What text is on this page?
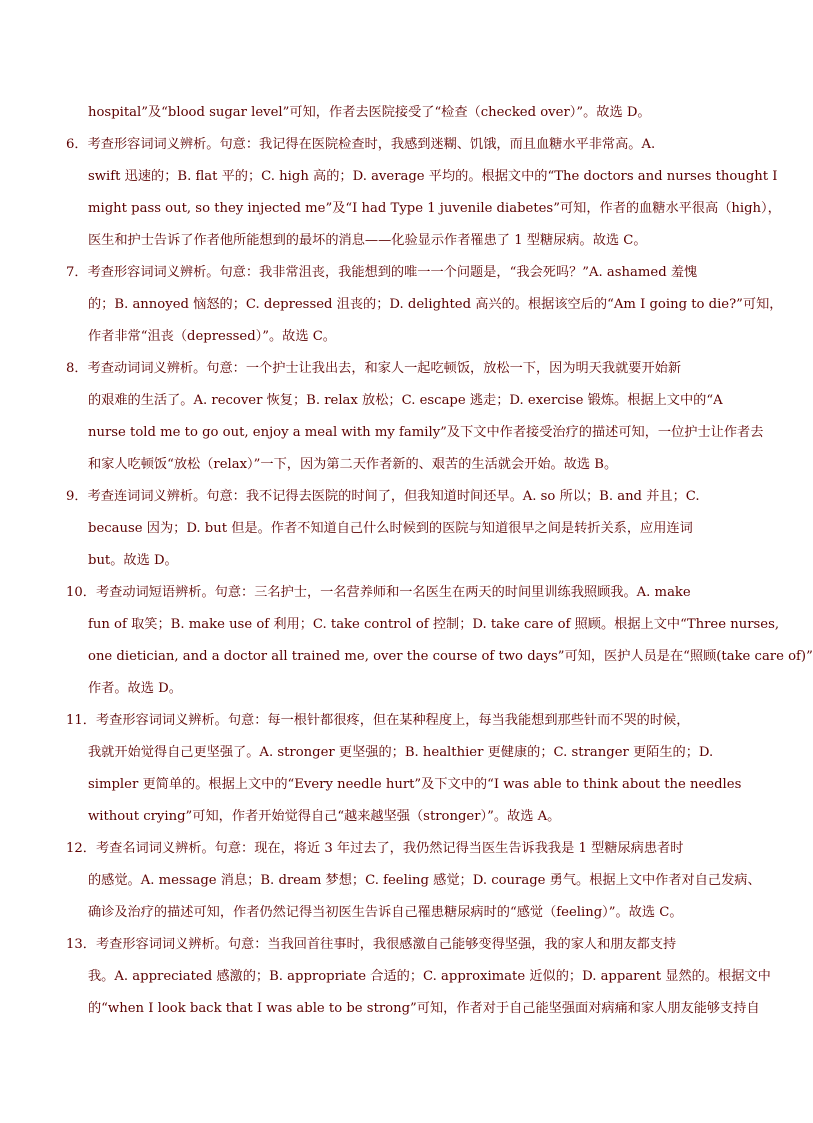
hospital”及“blood sugar level”可知，作者去医院接受了“检查（checked over）”。故选 D。
6．考查形容词词义辨析。句意：我记得在医院检查时，我感到迷糊、饥饿，而且血糖水平非常高。A.
swift 迅速的；B. flat 平的；C. high 高的；D. average 平均的。根据文中的“The doctors and nurses thought I
might pass out, so they injected me”及“I had Type 1 juvenile diabetes”可知，作者的血糖水平很高（high），
医生和护士告诉了作者他所能想到的最坏的消息——化验显示作者罹患了 1 型糖尿病。故选 C。
7．考查形容词词义辨析。句意：我非常沮丧，我能想到的唯一一个问题是，“我会死吗？”A. ashamed 羞愧
的；B. annoyed 恼怒的；C. depressed 沮丧的；D. delighted 高兴的。根据该空后的“Am I going to die?”可知，
作者非常“沮丧（depressed）”。故选 C。
8．考查动词词义辨析。句意：一个护士让我出去，和家人一起吃顿饭，放松一下，因为明天我就要开始新
的艰难的生活了。A. recover 恢复；B. relax 放松；C. escape 逃走；D. exercise 锻炼。根据上文中的“A
nurse told me to go out, enjoy a meal with my family”及下文中作者接受治疗的描述可知，一位护士让作者去
和家人吃顿饭“放松（relax）”一下，因为第二天作者新的、艰苦的生活就会开始。故选 B。
9．考查连词词义辨析。句意：我不记得去医院的时间了，但我知道时间还早。A. so 所以；B. and 并且；C.
because 因为；D. but 但是。作者不知道自己什么时候到的医院与知道很早之间是转折关系，应用连词
but。故选 D。
10．考查动词短语辨析。句意：三名护士，一名营养师和一名医生在两天的时间里训练我照顾我。A. make
fun of 取笑；B. make use of 利用；C. take control of 控制；D. take care of 照顾。根据上文中“Three nurses,
one dietician, and a doctor all trained me, over the course of two days”可知，医护人员是在“照顾(take care of)”
作者。故选 D。
11．考查形容词词义辨析。句意：每一根针都很疼，但在某种程度上，每当我能想到那些针而不哭的时候，
我就开始觉得自己更坚强了。A. stronger 更坚强的；B. healthier 更健康的；C. stranger 更陌生的；D.
simpler 更简单的。根据上文中的“Every needle hurt”及下文中的“I was able to think about the needles
without crying”可知，作者开始觉得自己“越来越坚强（stronger）”。故选 A。
12．考查名词词义辨析。句意：现在，将近 3 年过去了，我仍然记得当医生告诉我我是 1 型糖尿病患者时
的感觉。A. message 消息；B. dream 梦想；C. feeling 感觉；D. courage 勇气。根据上文中作者对自己发病、
确诊及治疗的描述可知，作者仍然记得当初医生告诉自己罹患糖尿病时的“感觉（feeling）”。故选 C。
13．考查形容词词义辨析。句意：当我回首往事时，我很感激自己能够变得坚强，我的家人和朋友都支持
我。A. appreciated 感激的；B. appropriate 合适的；C. approximate 近似的；D. apparent 显然的。根据文中
的“when I look back that I was able to be strong”可知，作者对于自己能坚强面对病痛和家人朋友能够支持自
